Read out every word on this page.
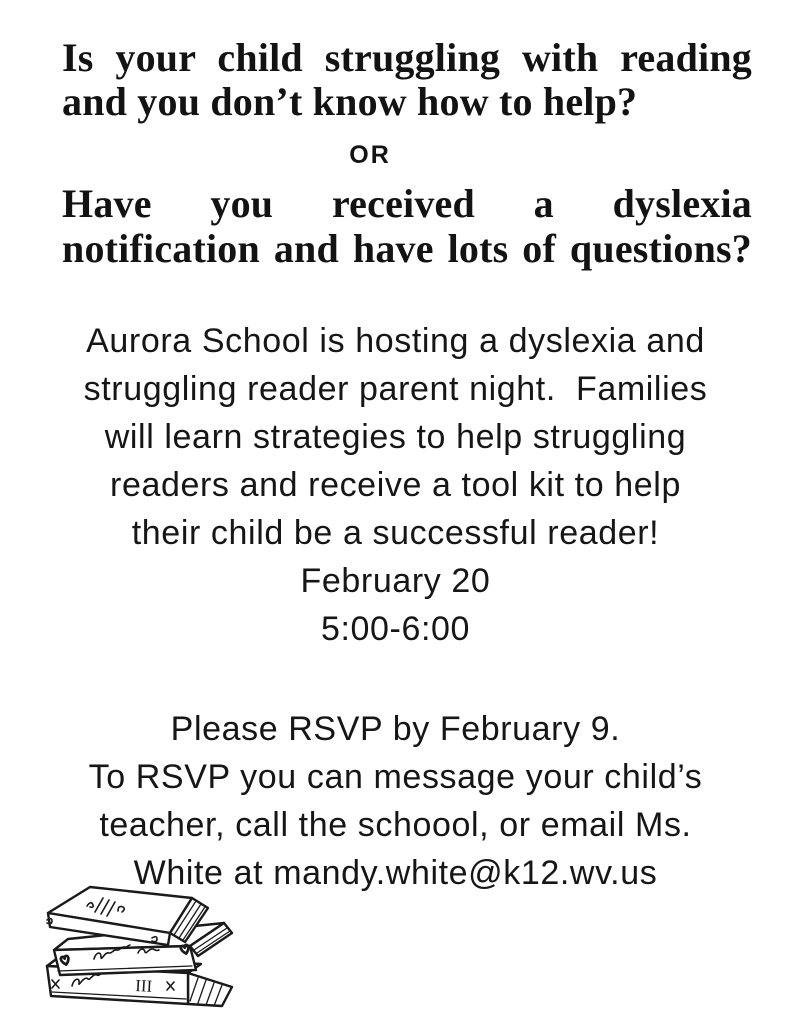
Is your child struggling with reading
and you don’t know how to help?
OR
Have you received a dyslexia
notification and have lots of questions?
Aurora School is hosting a dyslexia and
struggling reader parent night.  Families
will learn strategies to help struggling
readers and receive a tool kit to help
their child be a successful reader!
February 20
5:00-6:00
Please RSVP by February 9.
To RSVP you can message your child’s
teacher, call the schoool, or email Ms.
White at mandy.white@k12.wv.us
III
